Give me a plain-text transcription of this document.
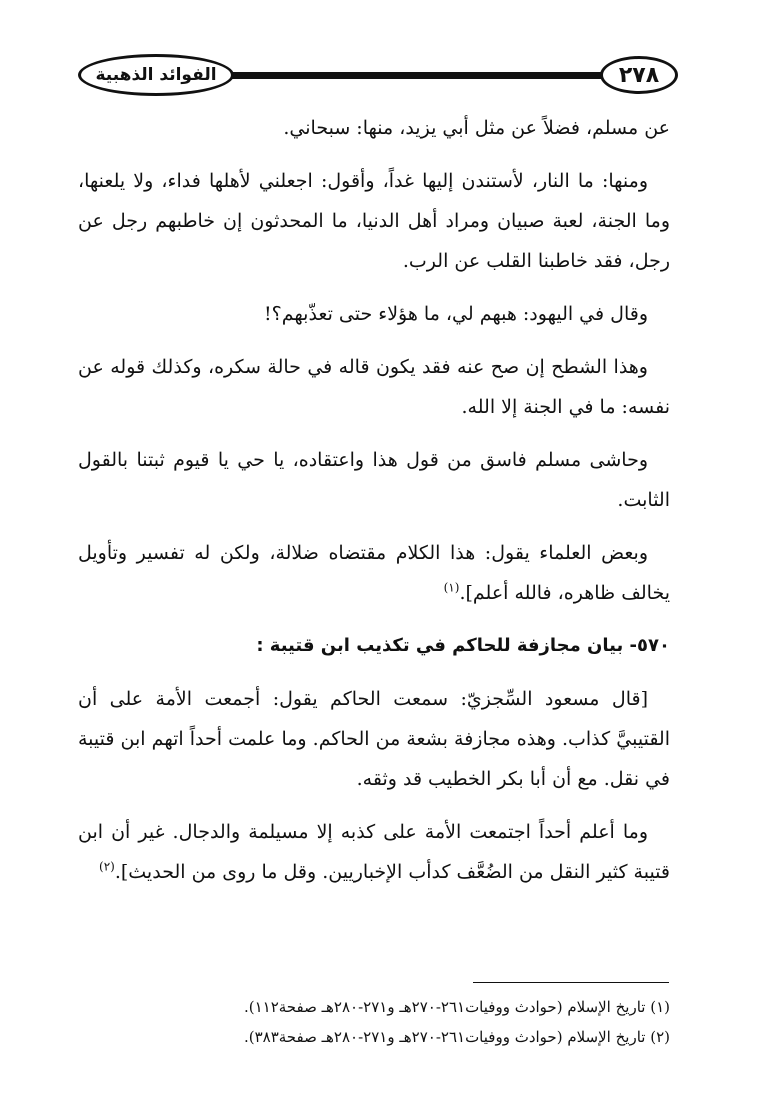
الفوائد الذهبية	٢٧٨

عن مسلم، فضلاً عن مثل أبي يزيد، منها: سبحاني.

ومنها: ما النار، لأستندن إليها غداً، وأقول: اجعلني لأهلها فداء، ولا يلعنها، وما الجنة، لعبة صبيان ومراد أهل الدنيا، ما المحدثون إن خاطبهم رجل عن رجل، فقد خاطبنا القلب عن الرب.

وقال في اليهود: هبهم لي، ما هؤلاء حتى تعذّبهم؟!

وهذا الشطح إن صح عنه فقد يكون قاله في حالة سكره، وكذلك قوله عن نفسه: ما في الجنة إلا الله.

وحاشى مسلم فاسق من قول هذا واعتقاده، يا حي يا قيوم ثبتنا بالقول الثابت.

وبعض العلماء يقول: هذا الكلام مقتضاه ضلالة، ولكن له تفسير وتأويل يخالف ظاهره، فالله أعلم].$^{(١)}$

٥٧٠- بيان مجازفة للحاكم في تكذيب ابن قتيبة :

[قال مسعود السِّجزيّ: سمعت الحاكم يقول: أجمعت الأمة على أن القتيبيَّ كذاب. وهذه مجازفة بشعة من الحاكم. وما علمت أحداً اتهم ابن قتيبة في نقل. مع أن أبا بكر الخطيب قد وثقه.

وما أعلم أحداً اجتمعت الأمة على كذبه إلا مسيلمة والدجال. غير أن ابن قتيبة كثير النقل من الضُعَّف كدأب الإخباريين. وقل ما روى من الحديث].$^{(٢)}$

(١) تاريخ الإسلام (حوادث ووفيات٢٦١-٢٧٠هـ و٢٧١-٢٨٠هـ صفحة١١٢).
(٢) تاريخ الإسلام (حوادث ووفيات٢٦١-٢٧٠هـ و٢٧١-٢٨٠هـ صفحة٣٨٣).
